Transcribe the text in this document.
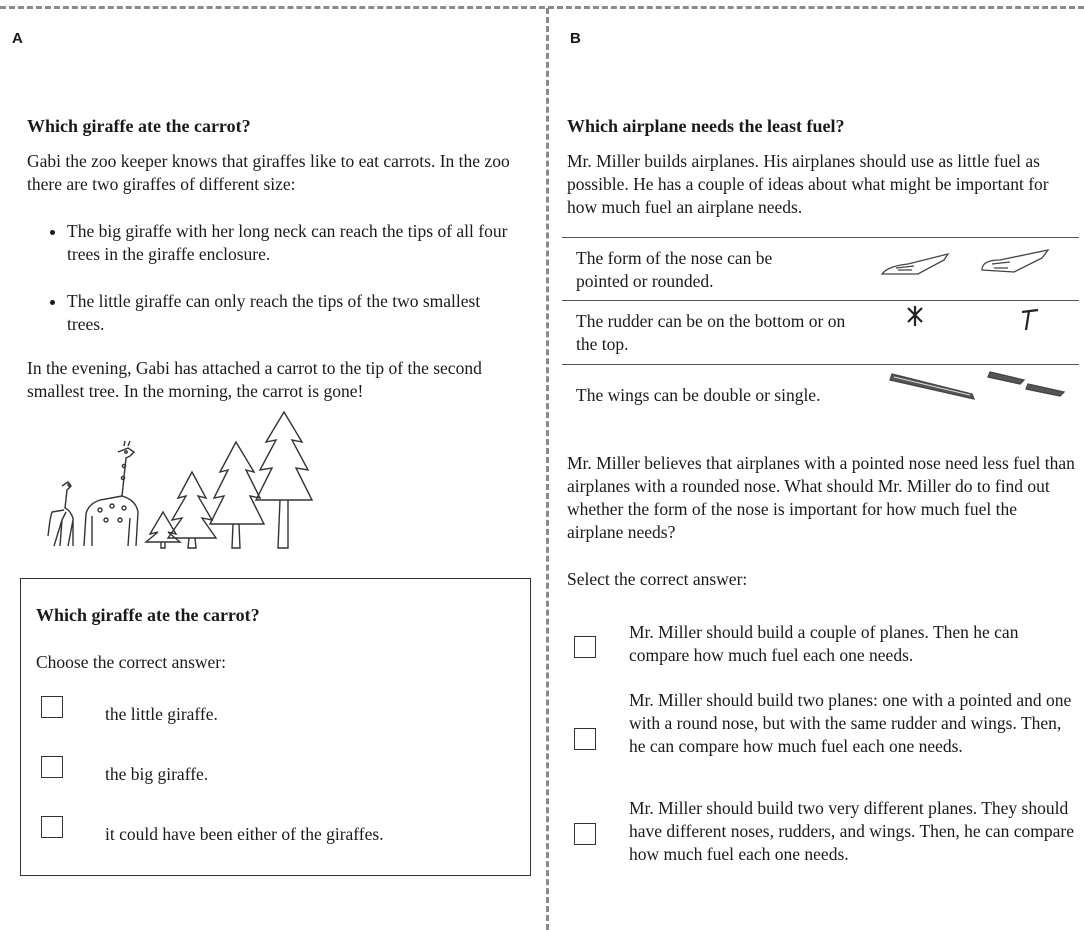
A
Which giraffe ate the carrot?
Gabi the zoo keeper knows that giraffes like to eat carrots. In the zoo there are two giraffes of different size:
• The big giraffe with her long neck can reach the tips of all four trees in the giraffe enclosure.
• The little giraffe can only reach the tips of the two smallest trees.
In the evening, Gabi has attached a carrot to the tip of the second smallest tree. In the morning, the carrot is gone!
Which giraffe ate the carrot?
Choose the correct answer:
the little giraffe.
the big giraffe.
it could have been either of the giraffes.
B
Which airplane needs the least fuel?
Mr. Miller builds airplanes. His airplanes should use as little fuel as possible. He has a couple of ideas about what might be important for how much fuel an airplane needs.
The form of the nose can be pointed or rounded.
The rudder can be on the bottom or on the top.
The wings can be double or single.
Mr. Miller believes that airplanes with a pointed nose need less fuel than airplanes with a rounded nose. What should Mr. Miller do to find out whether the form of the nose is important for how much fuel the airplane needs?
Select the correct answer:
Mr. Miller should build a couple of planes. Then he can compare how much fuel each one needs.
Mr. Miller should build two planes: one with a pointed and one with a round nose, but with the same rudder and wings. Then, he can compare how much fuel each one needs.
Mr. Miller should build two very different planes. They should have different noses, rudders, and wings. Then, he can compare how much fuel each one needs.
